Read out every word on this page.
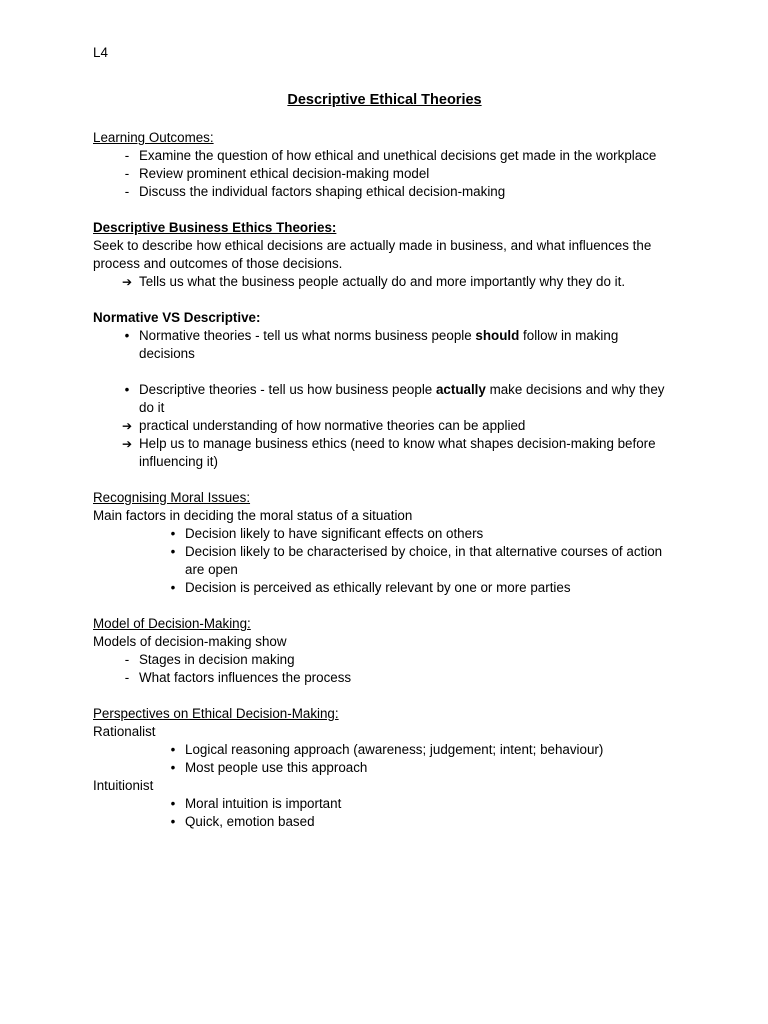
L4
Descriptive Ethical Theories
Learning Outcomes:
- Examine the question of how ethical and unethical decisions get made in the workplace
- Review prominent ethical decision-making model
- Discuss the individual factors shaping ethical decision-making
Descriptive Business Ethics Theories:
Seek to describe how ethical decisions are actually made in business, and what influences the process and outcomes of those decisions.
➔ Tells us what the business people actually do and more importantly why they do it.
Normative VS Descriptive:
• Normative theories - tell us what norms business people should follow in making decisions
• Descriptive theories - tell us how business people actually make decisions and why they do it
➔ practical understanding of how normative theories can be applied
➔ Help us to manage business ethics (need to know what shapes decision-making before influencing it)
Recognising Moral Issues:
Main factors in deciding the moral status of a situation
• Decision likely to have significant effects on others
• Decision likely to be characterised by choice, in that alternative courses of action are open
• Decision is perceived as ethically relevant by one or more parties
Model of Decision-Making:
Models of decision-making show
- Stages in decision making
- What factors influences the process
Perspectives on Ethical Decision-Making:
Rationalist
• Logical reasoning approach (awareness; judgement; intent; behaviour)
• Most people use this approach
Intuitionist
• Moral intuition is important
• Quick, emotion based
